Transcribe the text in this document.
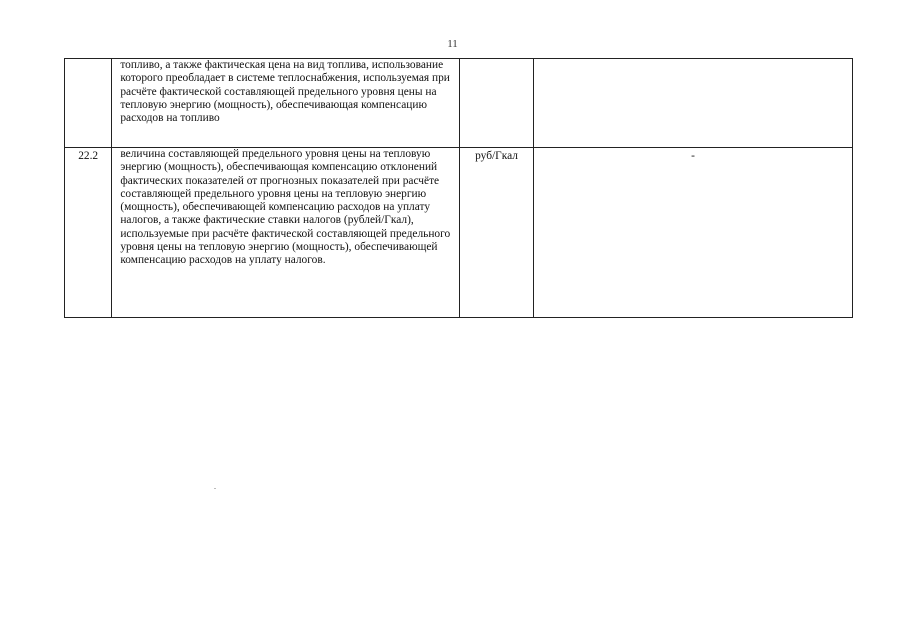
11
	топливо, а также фактическая цена на вид топлива, использование которого преобладает в системе теплоснабжения, используемая при расчёте фактической составляющей предельного уровня цены на тепловую энергию (мощность), обеспечивающая компенсацию расходов на топливо		
22.2	величина составляющей предельного уровня цены на тепловую энергию (мощность), обеспечивающая компенсацию отклонений фактических показателей от прогнозных показателей при расчёте составляющей предельного уровня цены на тепловую энергию (мощность), обеспечивающей компенсацию расходов на уплату налогов, а также фактические ставки налогов (рублей/Гкал), используемые при расчёте фактической составляющей предельного уровня цены на тепловую энергию (мощность), обеспечивающей компенсацию расходов на уплату налогов.	руб/Гкал	-
